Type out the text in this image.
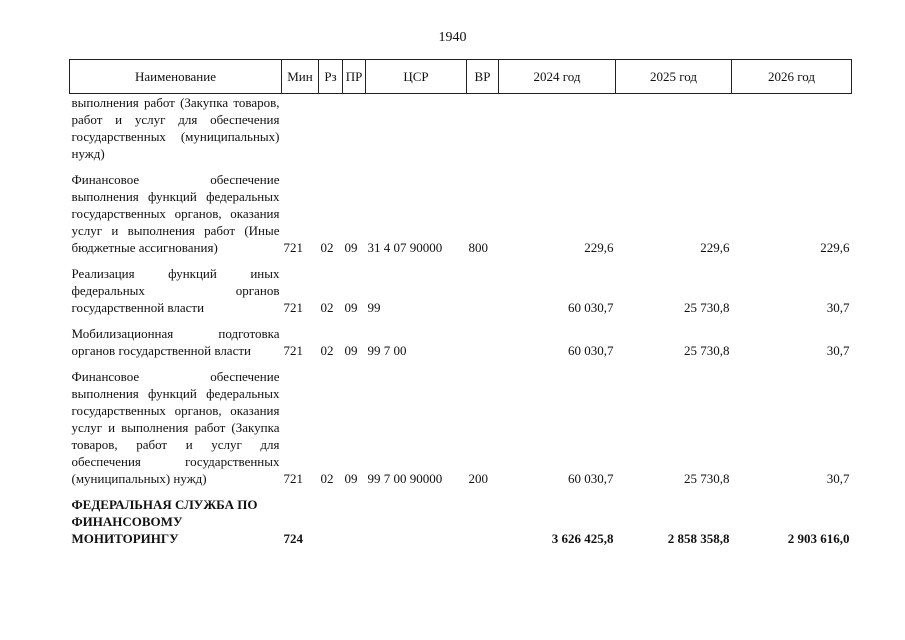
1940
Наименование	Мин	Рз	ПР	ЦСР	ВР	2024 год	2025 год	2026 год
выполнения работ (Закупка товаров, работ и услуг для обеспечения государственных (муниципальных) нужд)								
Финансовое обеспечение выполнения функций федеральных государственных органов, оказания услуг и выполнения работ (Иные бюджетные ассигнования)	721	02	09	31 4 07 90000	800	229,6	229,6	229,6
Реализация функций иных федеральных органов государственной власти	721	02	09	99		60 030,7	25 730,8	30,7
Мобилизационная подготовка органов государственной власти	721	02	09	99 7 00		60 030,7	25 730,8	30,7
Финансовое обеспечение выполнения функций федеральных государственных органов, оказания услуг и выполнения работ (Закупка товаров, работ и услуг для обеспечения государственных (муниципальных) нужд)	721	02	09	99 7 00 90000	200	60 030,7	25 730,8	30,7
ФЕДЕРАЛЬНАЯ СЛУЖБА ПО ФИНАНСОВОМУ МОНИТОРИНГУ	724					3 626 425,8	2 858 358,8	2 903 616,0
